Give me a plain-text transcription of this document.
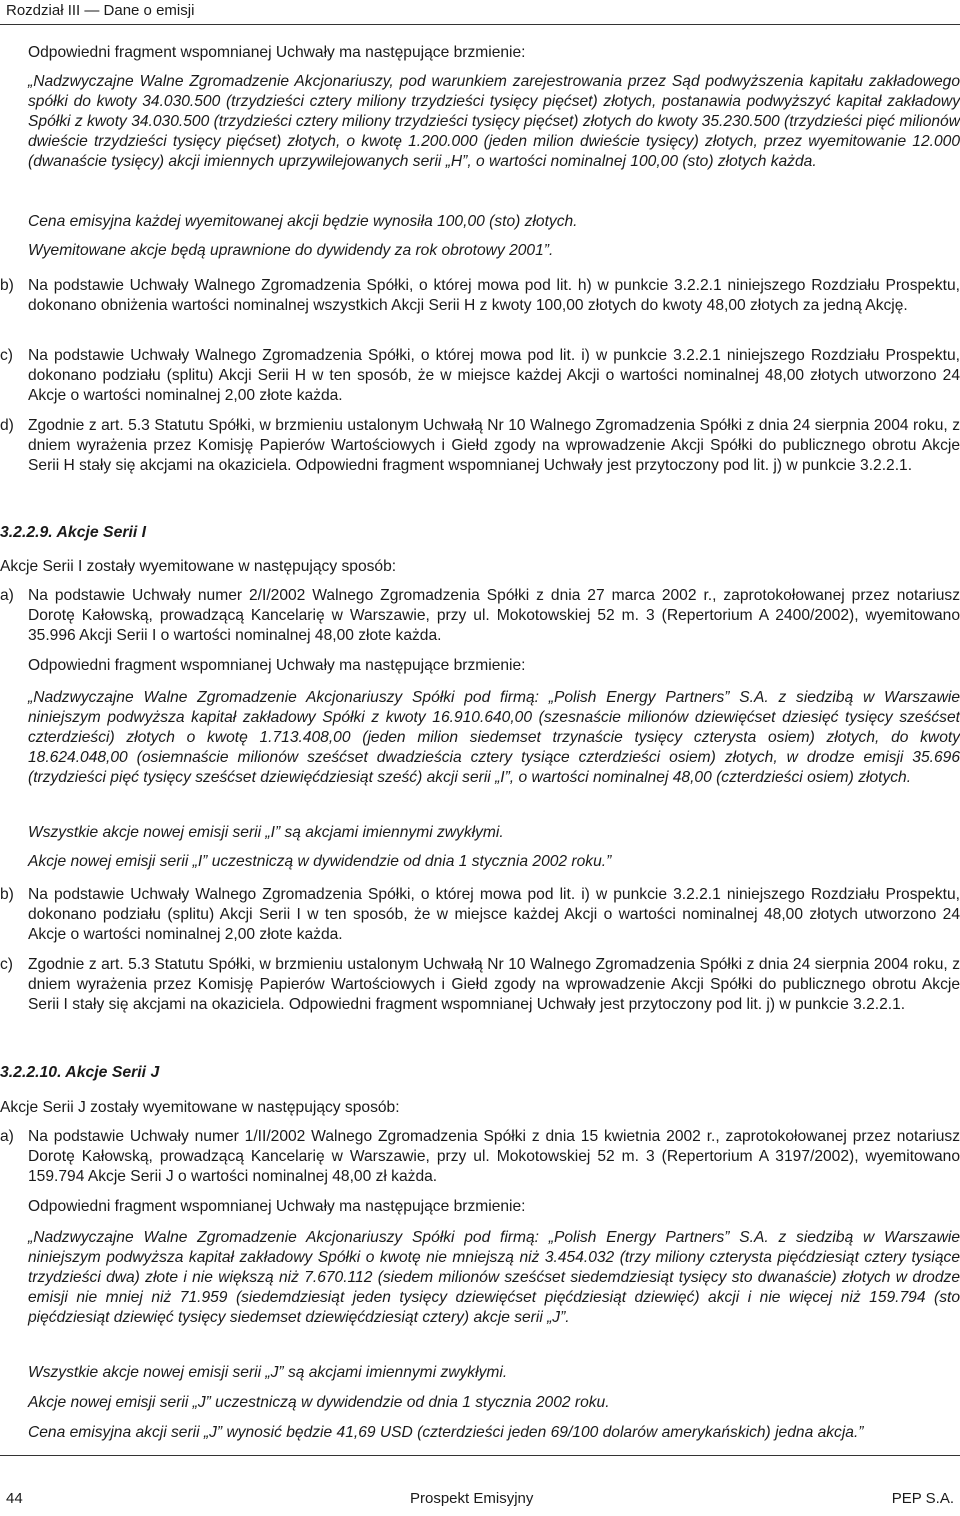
Rozdział III — Dane o emisji
Odpowiedni fragment wspomnianej Uchwały ma następujące brzmienie:
„Nadzwyczajne Walne Zgromadzenie Akcjonariuszy, pod warunkiem zarejestrowania przez Sąd podwyższenia kapitału zakładowego spółki do kwoty 34.030.500 (trzydzieści cztery miliony trzydzieści tysięcy pięćset) złotych, postanawia podwyższyć kapitał zakładowy Spółki z kwoty 34.030.500 (trzydzieści cztery miliony trzydzieści tysięcy pięćset) złotych do kwoty 35.230.500 (trzydzieści pięć milionów dwieście trzydzieści tysięcy pięćset) złotych, o kwotę 1.200.000 (jeden milion dwieście tysięcy) złotych, przez wyemitowanie 12.000 (dwanaście tysięcy) akcji imiennych uprzywilejowanych serii „H”, o wartości nominalnej 100,00 (sto) złotych każda.
Cena emisyjna każdej wyemitowanej akcji będzie wynosiła 100,00 (sto) złotych.
Wyemitowane akcje będą uprawnione do dywidendy za rok obrotowy 2001”.
b) Na podstawie Uchwały Walnego Zgromadzenia Spółki, o której mowa pod lit. h) w punkcie 3.2.2.1 niniejszego Rozdziału Prospektu, dokonano obniżenia wartości nominalnej wszystkich Akcji Serii H z kwoty 100,00 złotych do kwoty 48,00 złotych za jedną Akcję.
c) Na podstawie Uchwały Walnego Zgromadzenia Spółki, o której mowa pod lit. i) w punkcie 3.2.2.1 niniejszego Rozdziału Prospektu, dokonano podziału (splitu) Akcji Serii H w ten sposób, że w miejsce każdej Akcji o wartości nominalnej 48,00 złotych utworzono 24 Akcje o wartości nominalnej 2,00 złote każda.
d) Zgodnie z art. 5.3 Statutu Spółki, w brzmieniu ustalonym Uchwałą Nr 10 Walnego Zgromadzenia Spółki z dnia 24 sierpnia 2004 roku, z dniem wyrażenia przez Komisję Papierów Wartościowych i Giełd zgody na wprowadzenie Akcji Spółki do publicznego obrotu Akcje Serii H stały się akcjami na okaziciela. Odpowiedni fragment wspomnianej Uchwały jest przytoczony pod lit. j) w punkcie 3.2.2.1.
3.2.2.9. Akcje Serii I
Akcje Serii I zostały wyemitowane w następujący sposób:
a) Na podstawie Uchwały numer 2/I/2002 Walnego Zgromadzenia Spółki z dnia 27 marca 2002 r., zaprotokołowanej przez notariusz Dorotę Kałowską, prowadzącą Kancelarię w Warszawie, przy ul. Mokotowskiej 52 m. 3 (Repertorium A 2400/2002), wyemitowano 35.996 Akcji Serii I o wartości nominalnej 48,00 złote każda.
Odpowiedni fragment wspomnianej Uchwały ma następujące brzmienie:
„Nadzwyczajne Walne Zgromadzenie Akcjonariuszy Spółki pod firmą: „Polish Energy Partners” S.A. z siedzibą w Warszawie niniejszym podwyższa kapitał zakładowy Spółki z kwoty 16.910.640,00 (szesnaście milionów dziewięćset dziesięć tysięcy sześćset czterdzieści) złotych o kwotę 1.713.408,00 (jeden milion siedemset trzynaście tysięcy czterysta osiem) złotych, do kwoty 18.624.048,00 (osiemnaście milionów sześćset dwadzieścia cztery tysiące czterdzieści osiem) złotych, w drodze emisji 35.696 (trzydzieści pięć tysięcy sześćset dziewięćdziesiąt sześć) akcji serii „I”, o wartości nominalnej 48,00 (czterdzieści osiem) złotych.
Wszystkie akcje nowej emisji serii „I” są akcjami imiennymi zwykłymi.
Akcje nowej emisji serii „I” uczestniczą w dywidendzie od dnia 1 stycznia 2002 roku.”
b) Na podstawie Uchwały Walnego Zgromadzenia Spółki, o której mowa pod lit. i) w punkcie 3.2.2.1 niniejszego Rozdziału Prospektu, dokonano podziału (splitu) Akcji Serii I w ten sposób, że w miejsce każdej Akcji o wartości nominalnej 48,00 złotych utworzono 24 Akcje o wartości nominalnej 2,00 złote każda.
c) Zgodnie z art. 5.3 Statutu Spółki, w brzmieniu ustalonym Uchwałą Nr 10 Walnego Zgromadzenia Spółki z dnia 24 sierpnia 2004 roku, z dniem wyrażenia przez Komisję Papierów Wartościowych i Giełd zgody na wprowadzenie Akcji Spółki do publicznego obrotu Akcje Serii I stały się akcjami na okaziciela. Odpowiedni fragment wspomnianej Uchwały jest przytoczony pod lit. j) w punkcie 3.2.2.1.
3.2.2.10. Akcje Serii J
Akcje Serii J zostały wyemitowane w następujący sposób:
a) Na podstawie Uchwały numer 1/II/2002 Walnego Zgromadzenia Spółki z dnia 15 kwietnia 2002 r., zaprotokołowanej przez notariusz Dorotę Kałowską, prowadzącą Kancelarię w Warszawie, przy ul. Mokotowskiej 52 m. 3 (Repertorium A 3197/2002), wyemitowano 159.794 Akcje Serii J o wartości nominalnej 48,00 zł każda.
Odpowiedni fragment wspomnianej Uchwały ma następujące brzmienie:
„Nadzwyczajne Walne Zgromadzenie Akcjonariuszy Spółki pod firmą: „Polish Energy Partners” S.A. z siedzibą w Warszawie niniejszym podwyższa kapitał zakładowy Spółki o kwotę nie mniejszą niż 3.454.032 (trzy miliony czterysta pięćdziesiąt cztery tysiące trzydzieści dwa) złote i nie większą niż 7.670.112 (siedem milionów sześćset siedemdziesiąt tysięcy sto dwanaście) złotych w drodze emisji nie mniej niż 71.959 (siedemdziesiąt jeden tysięcy dziewięćset pięćdziesiąt dziewięć) akcji i nie więcej niż 159.794 (sto pięćdziesiąt dziewięć tysięcy siedemset dziewięćdziesiąt cztery) akcje serii „J”.
Wszystkie akcje nowej emisji serii „J” są akcjami imiennymi zwykłymi.
Akcje nowej emisji serii „J” uczestniczą w dywidendzie od dnia 1 stycznia 2002 roku.
Cena emisyjna akcji serii „J” wynosić będzie 41,69 USD (czterdzieści jeden 69/100 dolarów amerykańskich) jedna akcja.”
44	Prospekt Emisyjny	PEP S.A.
